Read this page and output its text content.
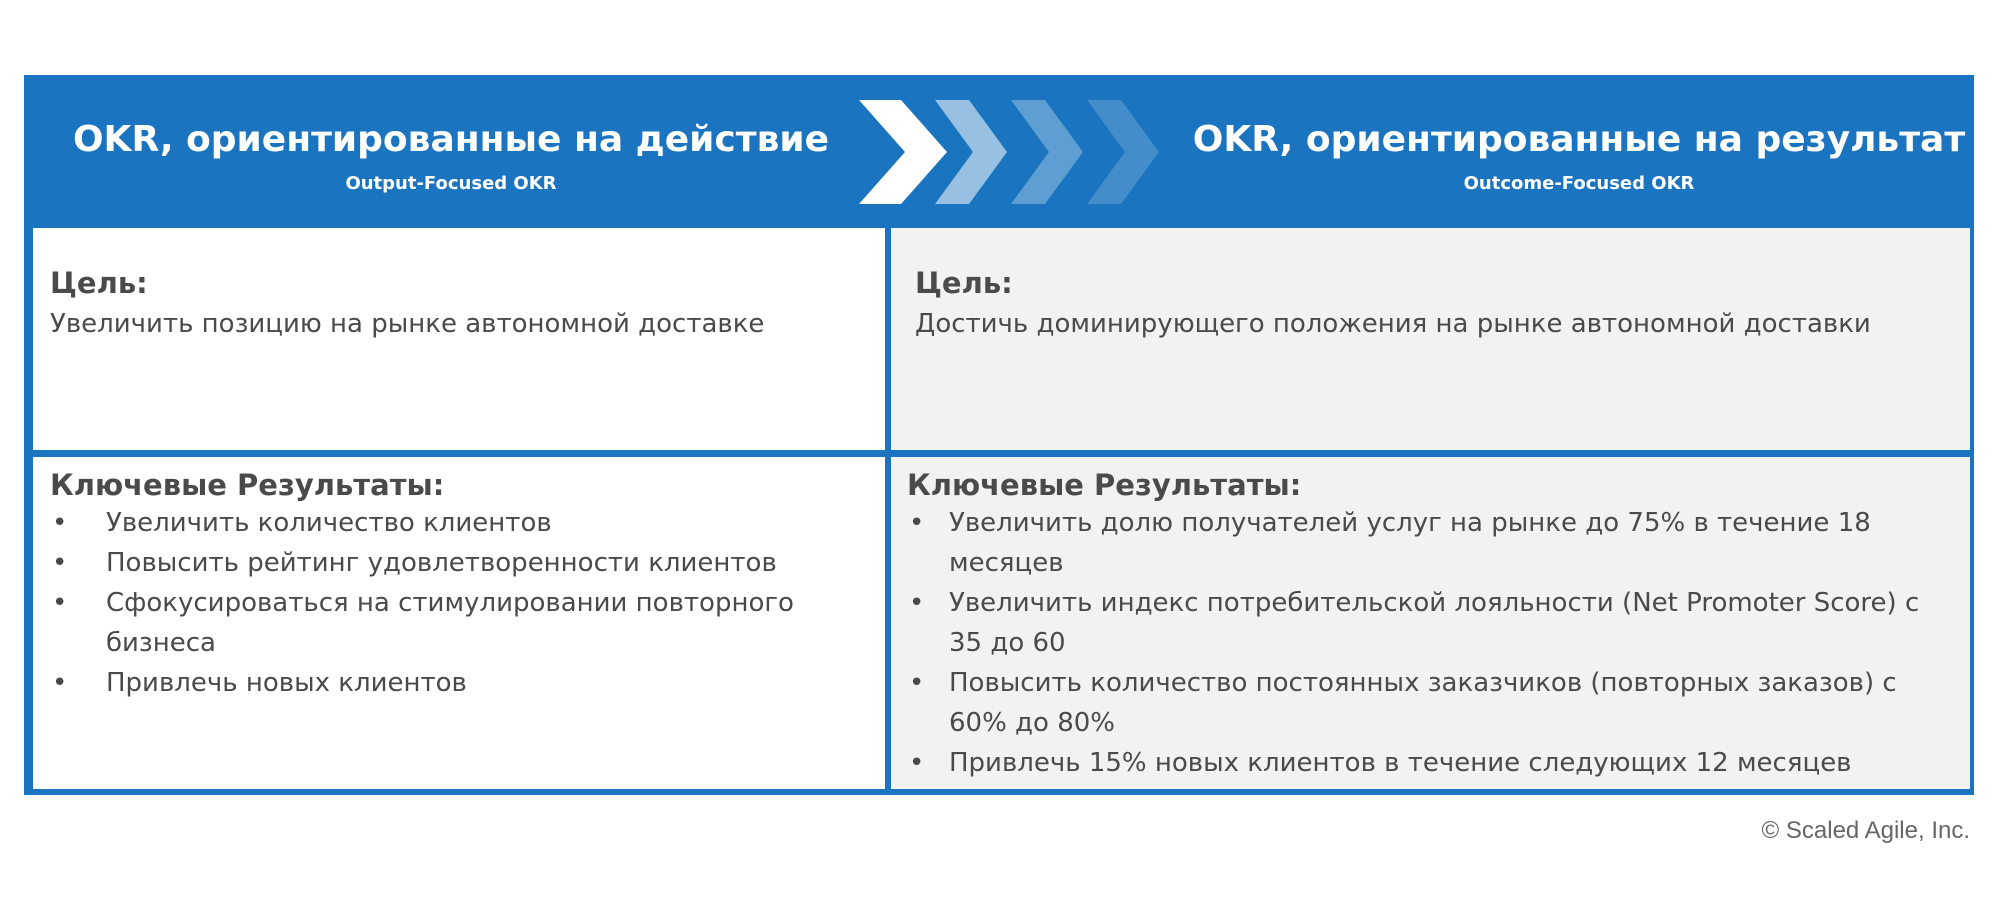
OKR, ориентированные на действие
Output-Focused OKR
OKR, ориентированные на результат
Outcome-Focused OKR
Цель:
Увеличить позицию на рынке автономной доставке
Цель:
Достичь доминирующего положения на рынке автономной доставки
Ключевые Результаты:
• Увеличить количество клиентов
• Повысить рейтинг удовлетворенности клиентов
• Сфокусироваться на стимулировании повторного
бизнеса
• Привлечь новых клиентов
Ключевые Результаты:
• Увеличить долю получателей услуг на рынке до 75% в течение 18
месяцев
• Увеличить индекс потребительской лояльности (Net Promoter Score) с
35 до 60
• Повысить количество постоянных заказчиков (повторных заказов) с
60% до 80%
• Привлечь 15% новых клиентов в течение следующих 12 месяцев
© Scaled Agile, Inc.
